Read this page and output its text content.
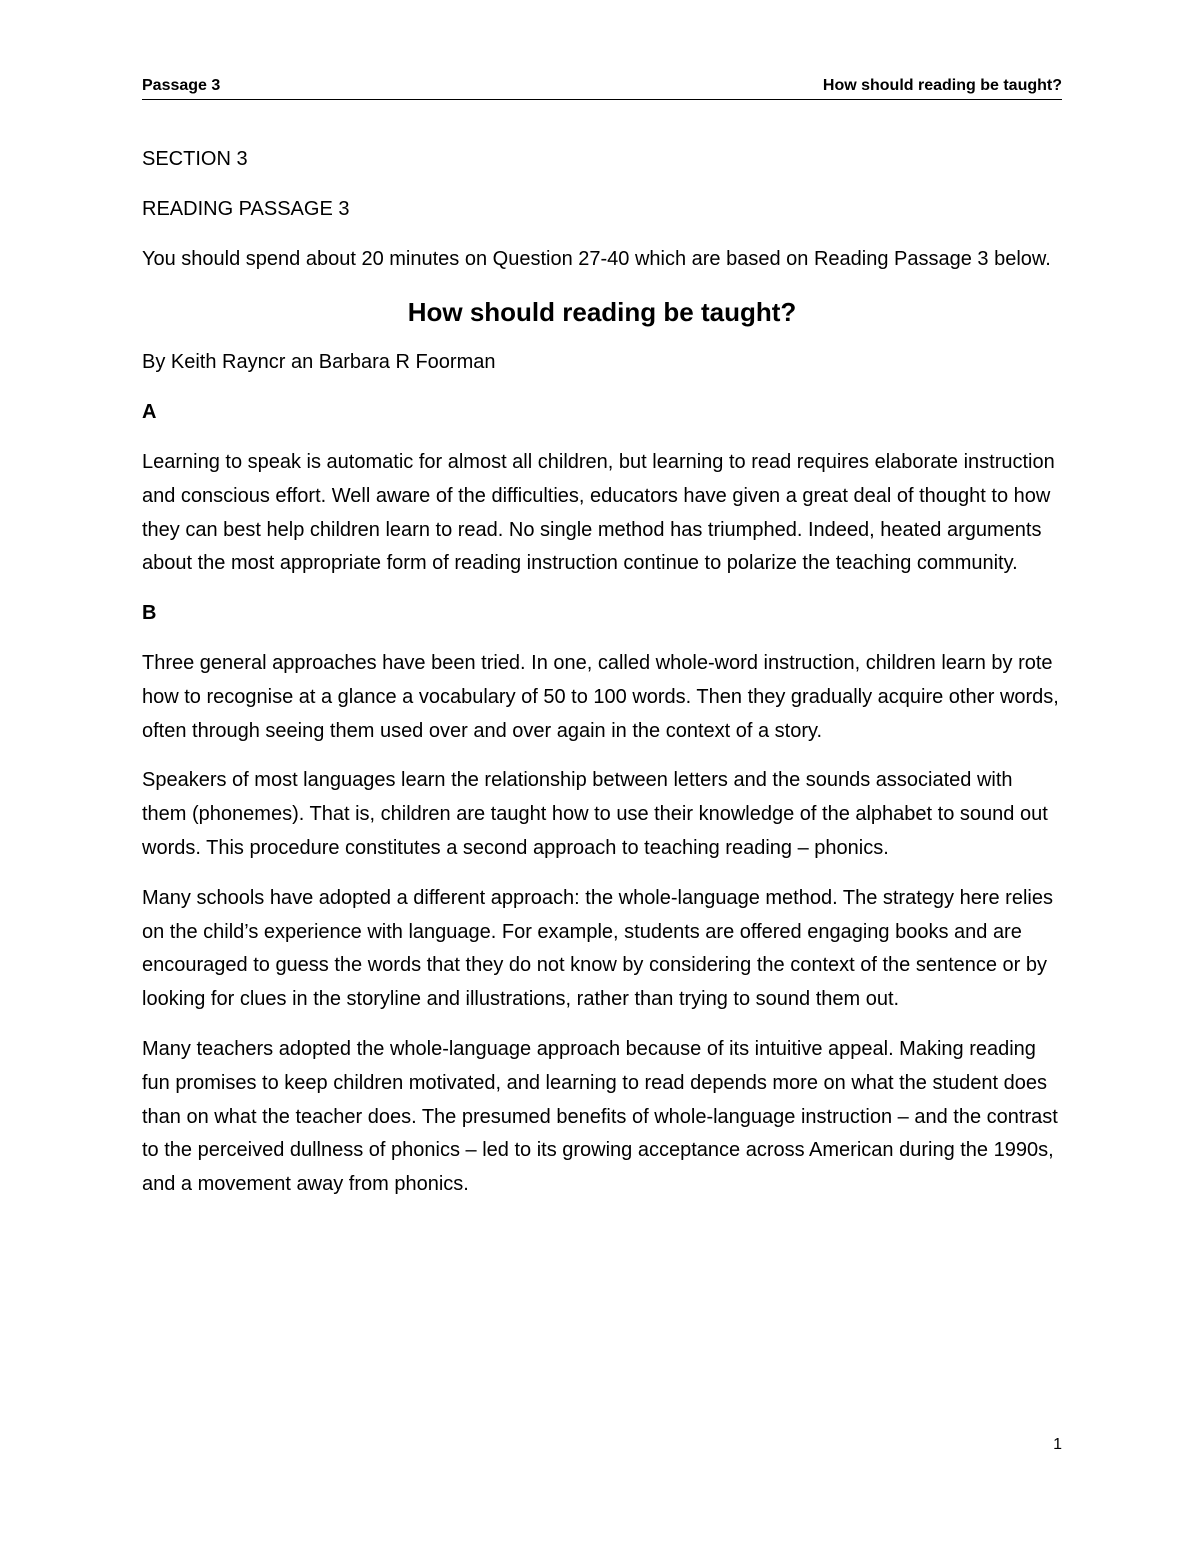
Passage 3	How should reading be taught?

SECTION 3

READING PASSAGE 3

You should spend about 20 minutes on Question 27-40 which are based on Reading Passage 3 below.

How should reading be taught?

By Keith Rayncr an Barbara R Foorman

A

Learning to speak is automatic for almost all children, but learning to read requires elaborate instruction and conscious effort. Well aware of the difficulties, educators have given a great deal of thought to how they can best help children learn to read. No single method has triumphed. Indeed, heated arguments about the most appropriate form of reading instruction continue to polarize the teaching community.

B

Three general approaches have been tried. In one, called whole-word instruction, children learn by rote how to recognise at a glance a vocabulary of 50 to 100 words. Then they gradually acquire other words, often through seeing them used over and over again in the context of a story.

Speakers of most languages learn the relationship between letters and the sounds associated with them (phonemes). That is, children are taught how to use their knowledge of the alphabet to sound out words. This procedure constitutes a second approach to teaching reading – phonics.

Many schools have adopted a different approach: the whole-language method. The strategy here relies on the child’s experience with language. For example, students are offered engaging books and are encouraged to guess the words that they do not know by considering the context of the sentence or by looking for clues in the storyline and illustrations, rather than trying to sound them out.

Many teachers adopted the whole-language approach because of its intuitive appeal. Making reading fun promises to keep children motivated, and learning to read depends more on what the student does than on what the teacher does. The presumed benefits of whole-language instruction – and the contrast to the perceived dullness of phonics – led to its growing acceptance across American during the 1990s, and a movement away from phonics.

1
